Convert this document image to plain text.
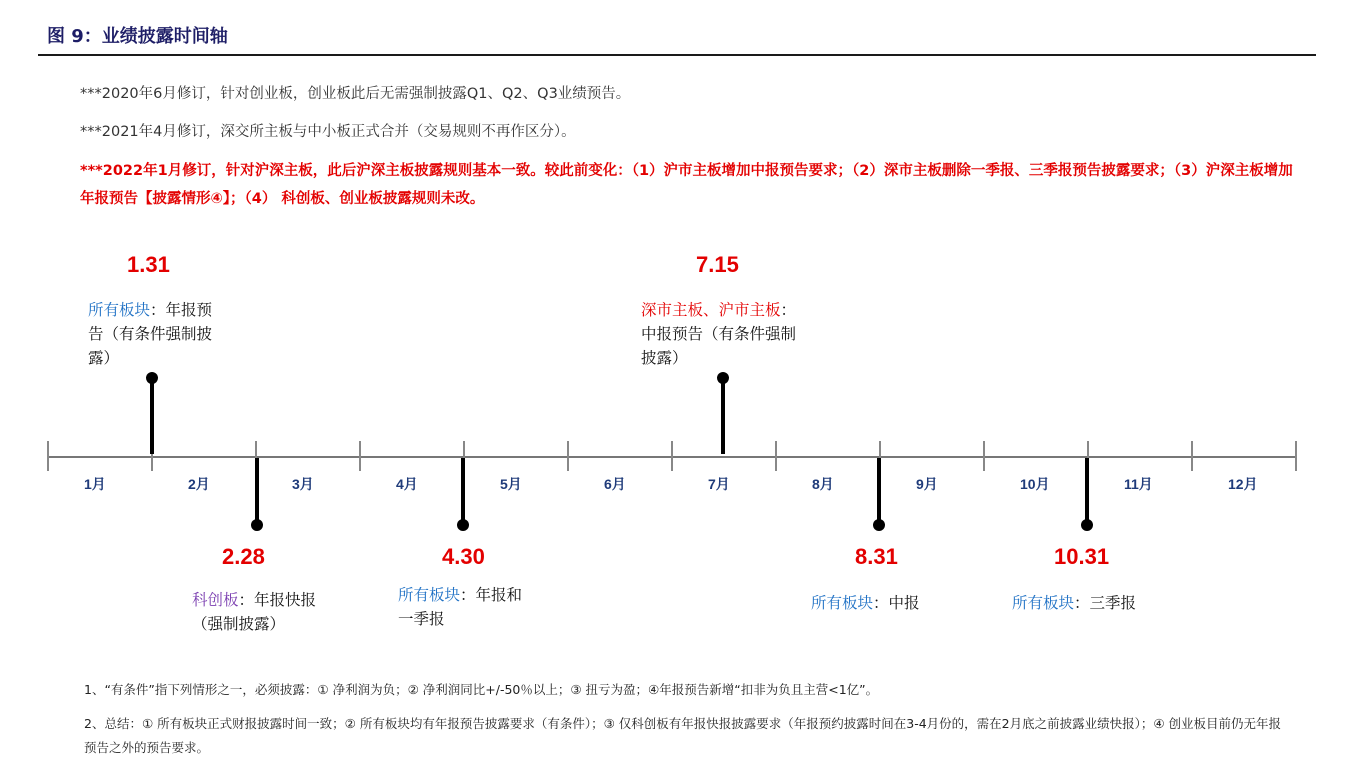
图 9：业绩披露时间轴
***2020年6月修订，针对创业板，创业板此后无需强制披露Q1、Q2、Q3业绩预告。
***2021年4月修订，深交所主板与中小板正式合并（交易规则不再作区分）。
***2022年1月修订，针对沪深主板，此后沪深主板披露规则基本一致。较此前变化：（1）沪市主板增加中报预告要求；（2）深市主板删除一季报、三季报预告披露要求；（3）沪深主板增加年报预告【披露情形④】；（4） 科创板、创业板披露规则未改。
1月	2月	3月	4月	5月	6月	7月	8月	9月	10月	11月	12月
1.31
所有板块：年报预告（有条件强制披露）
7.15
深市主板、沪市主板：中报预告（有条件强制披露）
2.28
科创板：年报快报（强制披露）
4.30
所有板块：年报和一季报
8.31
所有板块：中报
10.31
所有板块：三季报
1、“有条件”指下列情形之一，必须披露：① 净利润为负；② 净利润同比+/-50％以上；③ 扭亏为盈；④年报预告新增“扣非为负且主营<1亿”。
2、总结：① 所有板块正式财报披露时间一致；② 所有板块均有年报预告披露要求（有条件）；③ 仅科创板有年报快报披露要求（年报预约披露时间在3-4月份的，需在2月底之前披露业绩快报）；④ 创业板目前仍无年报预告之外的预告要求。
